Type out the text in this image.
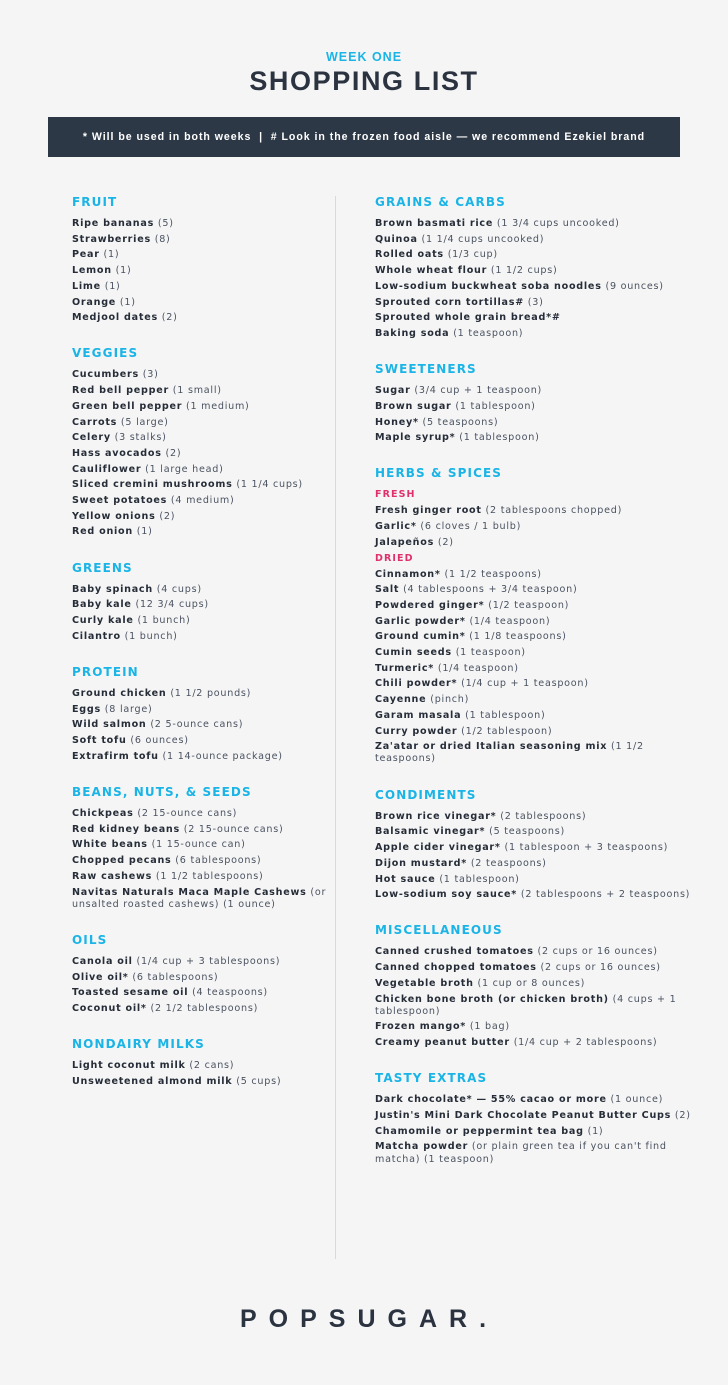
WEEK ONE
SHOPPING LIST
* Will be used in both weeks  |  # Look in the frozen food aisle — we recommend Ezekiel brand
FRUIT
Ripe bananas (5)
Strawberries (8)
Pear (1)
Lemon (1)
Lime (1)
Orange (1)
Medjool dates (2)
VEGGIES
Cucumbers (3)
Red bell pepper (1 small)
Green bell pepper (1 medium)
Carrots (5 large)
Celery (3 stalks)
Hass avocados (2)
Cauliflower (1 large head)
Sliced cremini mushrooms (1 1/4 cups)
Sweet potatoes (4 medium)
Yellow onions (2)
Red onion (1)
GREENS
Baby spinach (4 cups)
Baby kale (12 3/4 cups)
Curly kale (1 bunch)
Cilantro (1 bunch)
PROTEIN
Ground chicken (1 1/2 pounds)
Eggs (8 large)
Wild salmon (2 5-ounce cans)
Soft tofu (6 ounces)
Extrafirm tofu (1 14-ounce package)
BEANS, NUTS, & SEEDS
Chickpeas (2 15-ounce cans)
Red kidney beans (2 15-ounce cans)
White beans (1 15-ounce can)
Chopped pecans (6 tablespoons)
Raw cashews (1 1/2 tablespoons)
Navitas Naturals Maca Maple Cashews (or unsalted roasted cashews) (1 ounce)
OILS
Canola oil (1/4 cup + 3 tablespoons)
Olive oil* (6 tablespoons)
Toasted sesame oil (4 teaspoons)
Coconut oil* (2 1/2 tablespoons)
NONDAIRY MILKS
Light coconut milk (2 cans)
Unsweetened almond milk (5 cups)
GRAINS & CARBS
Brown basmati rice (1 3/4 cups uncooked)
Quinoa (1 1/4 cups uncooked)
Rolled oats (1/3 cup)
Whole wheat flour (1 1/2 cups)
Low-sodium buckwheat soba noodles (9 ounces)
Sprouted corn tortillas# (3)
Sprouted whole grain bread*#
Baking soda (1 teaspoon)
SWEETENERS
Sugar (3/4 cup + 1 teaspoon)
Brown sugar (1 tablespoon)
Honey* (5 teaspoons)
Maple syrup* (1 tablespoon)
HERBS & SPICES
FRESH
Fresh ginger root (2 tablespoons chopped)
Garlic* (6 cloves / 1 bulb)
Jalapeños (2)
DRIED
Cinnamon* (1 1/2 teaspoons)
Salt (4 tablespoons + 3/4 teaspoon)
Powdered ginger* (1/2 teaspoon)
Garlic powder* (1/4 teaspoon)
Ground cumin* (1 1/8 teaspoons)
Cumin seeds (1 teaspoon)
Turmeric* (1/4 teaspoon)
Chili powder* (1/4 cup + 1 teaspoon)
Cayenne (pinch)
Garam masala (1 tablespoon)
Curry powder (1/2 tablespoon)
Za'atar or dried Italian seasoning mix (1 1/2 teaspoons)
CONDIMENTS
Brown rice vinegar* (2 tablespoons)
Balsamic vinegar* (5 teaspoons)
Apple cider vinegar* (1 tablespoon + 3 teaspoons)
Dijon mustard* (2 teaspoons)
Hot sauce (1 tablespoon)
Low-sodium soy sauce* (2 tablespoons + 2 teaspoons)
MISCELLANEOUS
Canned crushed tomatoes (2 cups or 16 ounces)
Canned chopped tomatoes (2 cups or 16 ounces)
Vegetable broth (1 cup or 8 ounces)
Chicken bone broth (or chicken broth) (4 cups + 1 tablespoon)
Frozen mango* (1 bag)
Creamy peanut butter (1/4 cup + 2 tablespoons)
TASTY EXTRAS
Dark chocolate* — 55% cacao or more (1 ounce)
Justin's Mini Dark Chocolate Peanut Butter Cups (2)
Chamomile or peppermint tea bag (1)
Matcha powder (or plain green tea if you can't find matcha) (1 teaspoon)
POPSUGAR.
